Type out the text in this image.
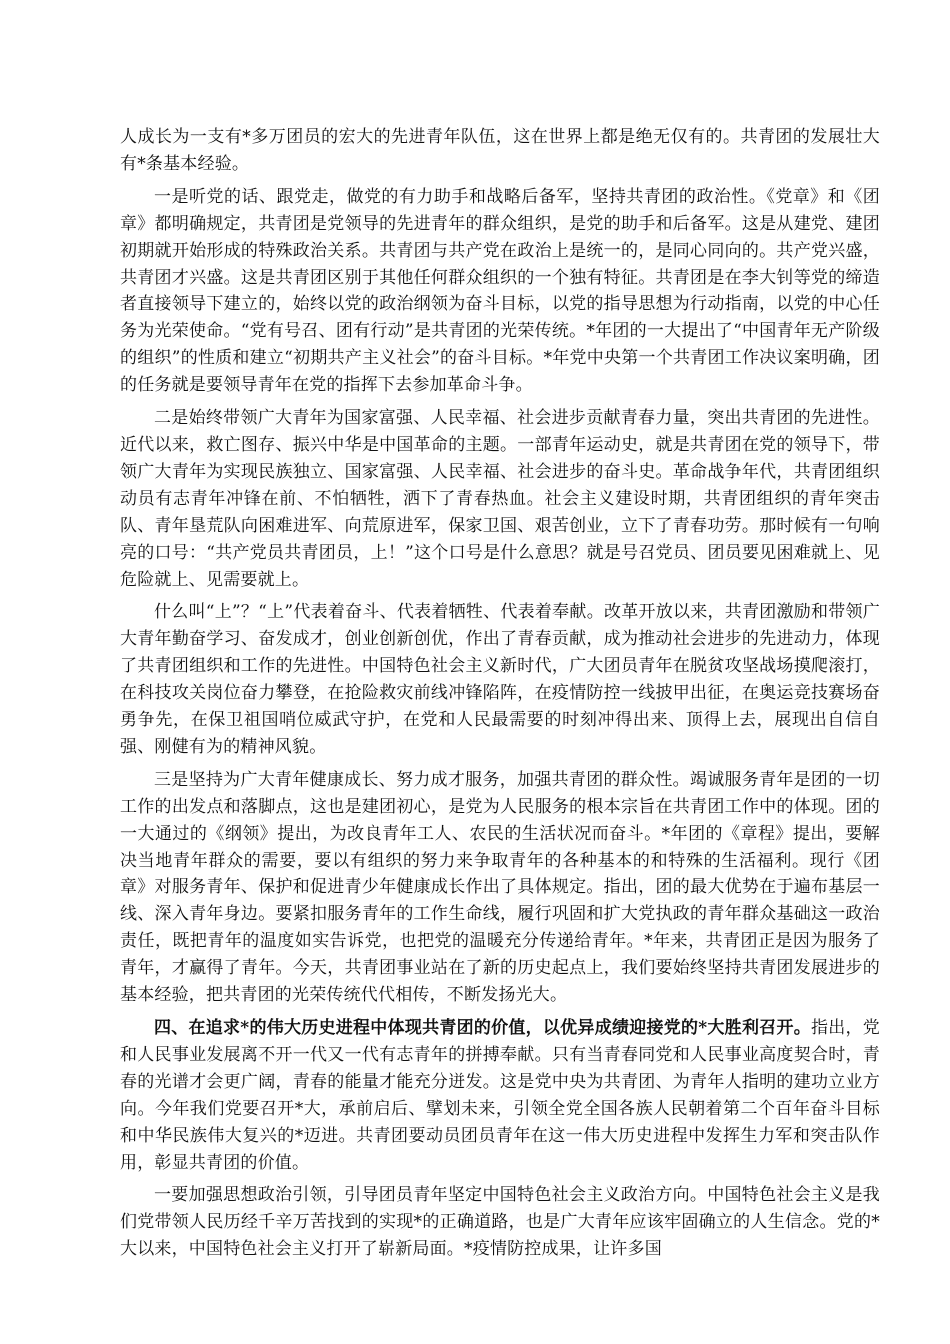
人成长为一支有*多万团员的宏大的先进青年队伍，这在世界上都是绝无仅有的。共青团的发展壮大有*条基本经验。

一是听党的话、跟党走，做党的有力助手和战略后备军，坚持共青团的政治性。《党章》和《团章》都明确规定，共青团是党领导的先进青年的群众组织，是党的助手和后备军。这是从建党、建团初期就开始形成的特殊政治关系。共青团与共产党在政治上是统一的，是同心同向的。共产党兴盛，共青团才兴盛。这是共青团区别于其他任何群众组织的一个独有特征。共青团是在李大钊等党的缔造者直接领导下建立的，始终以党的政治纲领为奋斗目标，以党的指导思想为行动指南，以党的中心任务为光荣使命。“党有号召、团有行动”是共青团的光荣传统。*年团的一大提出了“中国青年无产阶级的组织”的性质和建立“初期共产主义社会”的奋斗目标。*年党中央第一个共青团工作决议案明确，团的任务就是要领导青年在党的指挥下去参加革命斗争。

二是始终带领广大青年为国家富强、人民幸福、社会进步贡献青春力量，突出共青团的先进性。近代以来，救亡图存、振兴中华是中国革命的主题。一部青年运动史，就是共青团在党的领导下，带领广大青年为实现民族独立、国家富强、人民幸福、社会进步的奋斗史。革命战争年代，共青团组织动员有志青年冲锋在前、不怕牺牲，洒下了青春热血。社会主义建设时期，共青团组织的青年突击队、青年垦荒队向困难进军、向荒原进军，保家卫国、艰苦创业，立下了青春功劳。那时候有一句响亮的口号：“共产党员共青团员，上！”这个口号是什么意思？就是号召党员、团员要见困难就上、见危险就上、见需要就上。

什么叫“上”？“上”代表着奋斗、代表着牺牲、代表着奉献。改革开放以来，共青团激励和带领广大青年勤奋学习、奋发成才，创业创新创优，作出了青春贡献，成为推动社会进步的先进动力，体现了共青团组织和工作的先进性。中国特色社会主义新时代，广大团员青年在脱贫攻坚战场摸爬滚打，在科技攻关岗位奋力攀登，在抢险救灾前线冲锋陷阵，在疫情防控一线披甲出征，在奥运竞技赛场奋勇争先，在保卫祖国哨位威武守护，在党和人民最需要的时刻冲得出来、顶得上去，展现出自信自强、刚健有为的精神风貌。

三是坚持为广大青年健康成长、努力成才服务，加强共青团的群众性。竭诚服务青年是团的一切工作的出发点和落脚点，这也是建团初心，是党为人民服务的根本宗旨在共青团工作中的体现。团的一大通过的《纲领》提出，为改良青年工人、农民的生活状况而奋斗。*年团的《章程》提出，要解决当地青年群众的需要，要以有组织的努力来争取青年的各种基本的和特殊的生活福利。现行《团章》对服务青年、保护和促进青少年健康成长作出了具体规定。指出，团的最大优势在于遍布基层一线、深入青年身边。要紧扣服务青年的工作生命线，履行巩固和扩大党执政的青年群众基础这一政治责任，既把青年的温度如实告诉党，也把党的温暖充分传递给青年。*年来，共青团正是因为服务了青年，才赢得了青年。今天，共青团事业站在了新的历史起点上，我们要始终坚持共青团发展进步的基本经验，把共青团的光荣传统代代相传，不断发扬光大。

四、在追求*的伟大历史进程中体现共青团的价值，以优异成绩迎接党的*大胜利召开。指出，党和人民事业发展离不开一代又一代有志青年的拼搏奉献。只有当青春同党和人民事业高度契合时，青春的光谱才会更广阔，青春的能量才能充分迸发。这是党中央为共青团、为青年人指明的建功立业方向。今年我们党要召开*大，承前启后、擘划未来，引领全党全国各族人民朝着第二个百年奋斗目标和中华民族伟大复兴的*迈进。共青团要动员团员青年在这一伟大历史进程中发挥生力军和突击队作用，彰显共青团的价值。

一要加强思想政治引领，引导团员青年坚定中国特色社会主义政治方向。中国特色社会主义是我们党带领人民历经千辛万苦找到的实现*的正确道路，也是广大青年应该牢固确立的人生信念。党的*大以来，中国特色社会主义打开了崭新局面。*疫情防控成果，让许多国
